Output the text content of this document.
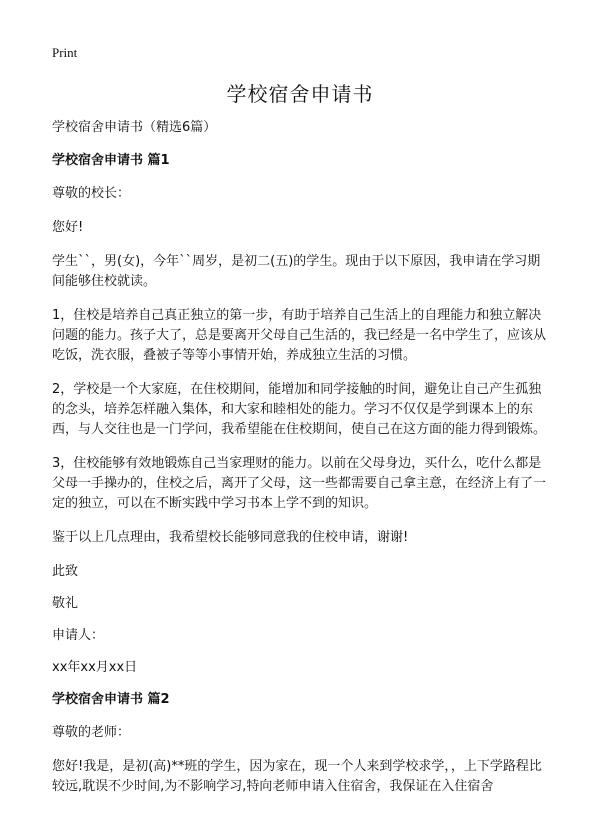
Print
学校宿舍申请书

学校宿舍申请书（精选6篇）

学校宿舍申请书 篇1

尊敬的校长：

您好!

学生``，男(女)，今年``周岁，是初二(五)的学生。现由于以下原因，我申请在学习期间能够住校就读。

1，住校是培养自己真正独立的第一步，有助于培养自己生活上的自理能力和独立解决问题的能力。孩子大了，总是要离开父母自己生活的，我已经是一名中学生了，应该从吃饭，洗衣服，叠被子等等小事情开始，养成独立生活的习惯。

2，学校是一个大家庭，在住校期间，能增加和同学接触的时间，避免让自己产生孤独的念头，培养怎样融入集体，和大家和睦相处的能力。学习不仅仅是学到课本上的东西，与人交往也是一门学问，我希望能在住校期间，使自己在这方面的能力得到锻炼。

3，住校能够有效地锻炼自己当家理财的能力。以前在父母身边，买什么，吃什么都是父母一手操办的，住校之后，离开了父母，这一些都需要自己拿主意，在经济上有了一定的独立，可以在不断实践中学习书本上学不到的知识。

鉴于以上几点理由，我希望校长能够同意我的住校申请，谢谢!

此致

敬礼

申请人：

xx年xx月xx日

学校宿舍申请书 篇2

尊敬的老师：

您好!我是，是初(高)**班的学生，因为家在，现一个人来到学校求学，，上下学路程比较远,耽误不少时间,为不影响学习,特向老师申请入住宿舍，我保证在入住宿舍
